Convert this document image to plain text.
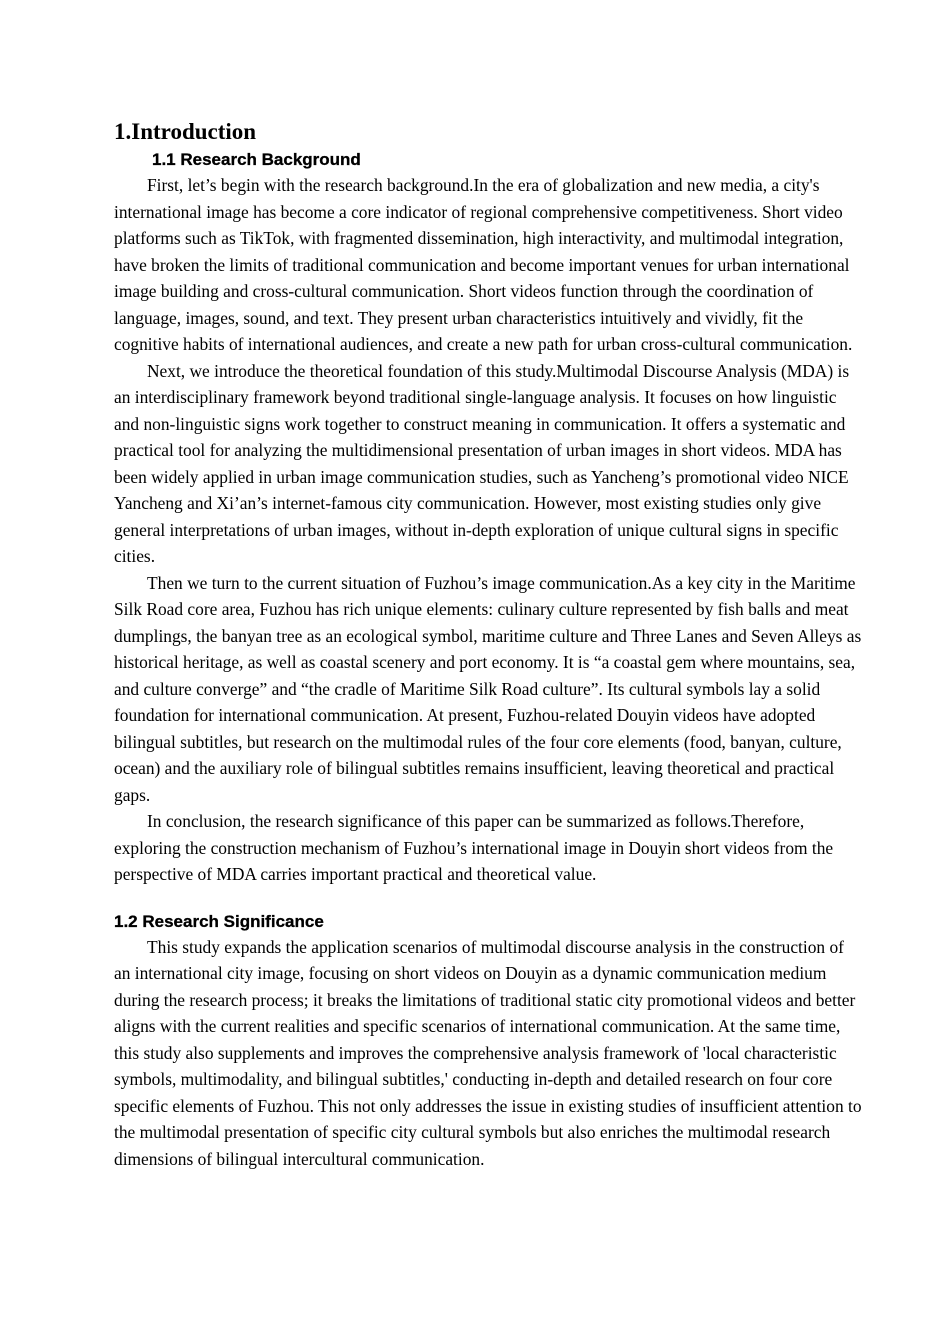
1.Introduction
1.1 Research Background

First, let’s begin with the research background.In the era of globalization and new media, a city's international image has become a core indicator of regional comprehensive competitiveness. Short video platforms such as TikTok, with fragmented dissemination, high interactivity, and multimodal integration, have broken the limits of traditional communication and become important venues for urban international image building and cross-cultural communication. Short videos function through the coordination of language, images, sound, and text. They present urban characteristics intuitively and vividly, fit the cognitive habits of international audiences, and create a new path for urban cross-cultural communication.

Next, we introduce the theoretical foundation of this study.Multimodal Discourse Analysis (MDA) is an interdisciplinary framework beyond traditional single-language analysis. It focuses on how linguistic and non-linguistic signs work together to construct meaning in communication. It offers a systematic and practical tool for analyzing the multidimensional presentation of urban images in short videos. MDA has been widely applied in urban image communication studies, such as Yancheng’s promotional video NICE Yancheng and Xi’an’s internet-famous city communication. However, most existing studies only give general interpretations of urban images, without in-depth exploration of unique cultural signs in specific cities.

Then we turn to the current situation of Fuzhou’s image communication.As a key city in the Maritime Silk Road core area, Fuzhou has rich unique elements: culinary culture represented by fish balls and meat dumplings, the banyan tree as an ecological symbol, maritime culture and Three Lanes and Seven Alleys as historical heritage, as well as coastal scenery and port economy. It is “a coastal gem where mountains, sea, and culture converge” and “the cradle of Maritime Silk Road culture”. Its cultural symbols lay a solid foundation for international communication. At present, Fuzhou-related Douyin videos have adopted bilingual subtitles, but research on the multimodal rules of the four core elements (food, banyan, culture, ocean) and the auxiliary role of bilingual subtitles remains insufficient, leaving theoretical and practical gaps.

In conclusion, the research significance of this paper can be summarized as follows.Therefore, exploring the construction mechanism of Fuzhou’s international image in Douyin short videos from the perspective of MDA carries important practical and theoretical value.

1.2 Research Significance

This study expands the application scenarios of multimodal discourse analysis in the construction of an international city image, focusing on short videos on Douyin as a dynamic communication medium during the research process; it breaks the limitations of traditional static city promotional videos and better aligns with the current realities and specific scenarios of international communication. At the same time, this study also supplements and improves the comprehensive analysis framework of 'local characteristic symbols, multimodality, and bilingual subtitles,' conducting in-depth and detailed research on four core specific elements of Fuzhou. This not only addresses the issue in existing studies of insufficient attention to the multimodal presentation of specific city cultural symbols but also enriches the multimodal research dimensions of bilingual intercultural communication.
